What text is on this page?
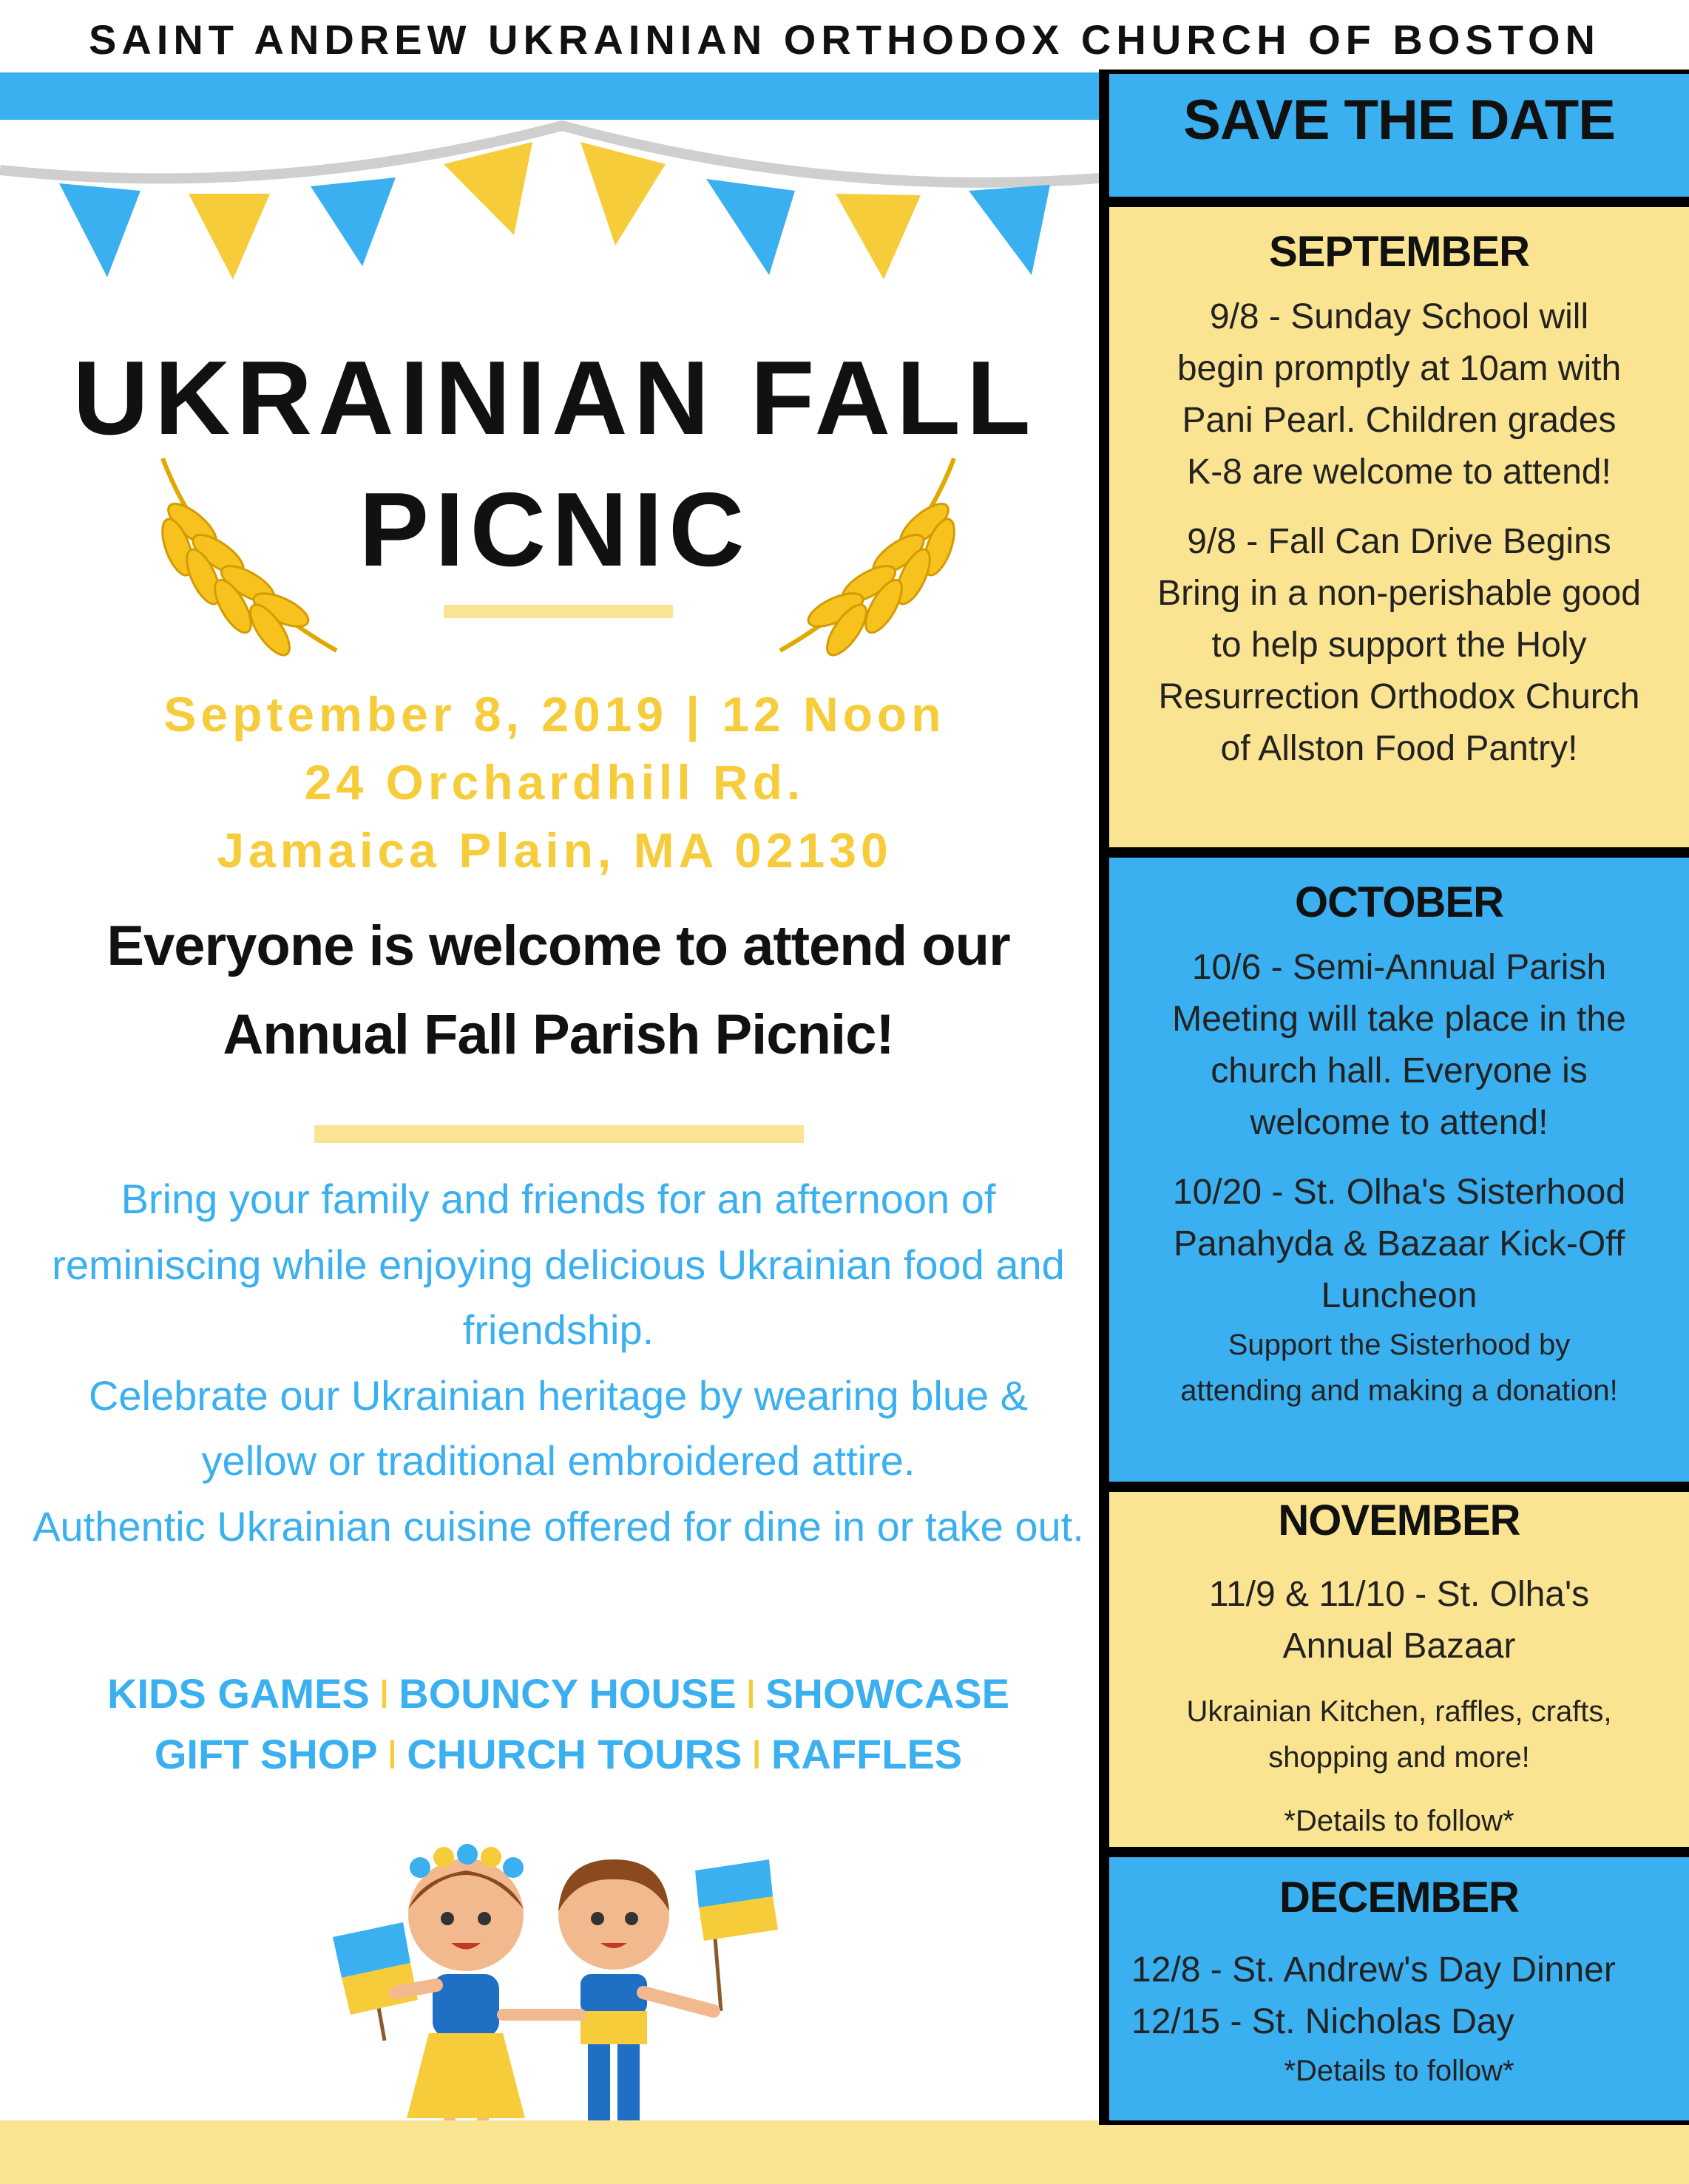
SAINT ANDREW UKRAINIAN ORTHODOX CHURCH OF BOSTON
UKRAINIAN FALL
PICNIC
September 8, 2019 | 12 Noon
24 Orchardhill Rd.
Jamaica Plain, MA 02130
Everyone is welcome to attend our
Annual Fall Parish Picnic!

Bring your family and friends for an afternoon of reminiscing while enjoying delicious Ukrainian food and friendship.

Celebrate our Ukrainian heritage by wearing blue & yellow or traditional embroidered attire.

Authentic Ukrainian cuisine offered for dine in or take out.

KIDS GAMES I BOUNCY HOUSE I SHOWCASE
GIFT SHOP I CHURCH TOURS I RAFFLES
SAVE THE DATE
SEPTEMBER

9/8 - Sunday School will

begin promptly at 10am with

Pani Pearl. Children grades

K-8 are welcome to attend!

9/8 - Fall Can Drive Begins

Bring in a non-perishable good

to help support the Holy

Resurrection Orthodox Church

of Allston Food Pantry!

OCTOBER

10/6 - Semi-Annual Parish

Meeting will take place in the

church hall. Everyone is

welcome to attend!

10/20 - St. Olha's Sisterhood

Panahyda & Bazaar Kick-Off

Luncheon

Support the Sisterhood by

attending and making a donation!

NOVEMBER

11/9 & 11/10 - St. Olha's

Annual Bazaar

Ukrainian Kitchen, raffles, crafts,

shopping and more!

*Details to follow*
DECEMBER

12/8 - St. Andrew's Day Dinner

12/15 - St. Nicholas Day

*Details to follow*
